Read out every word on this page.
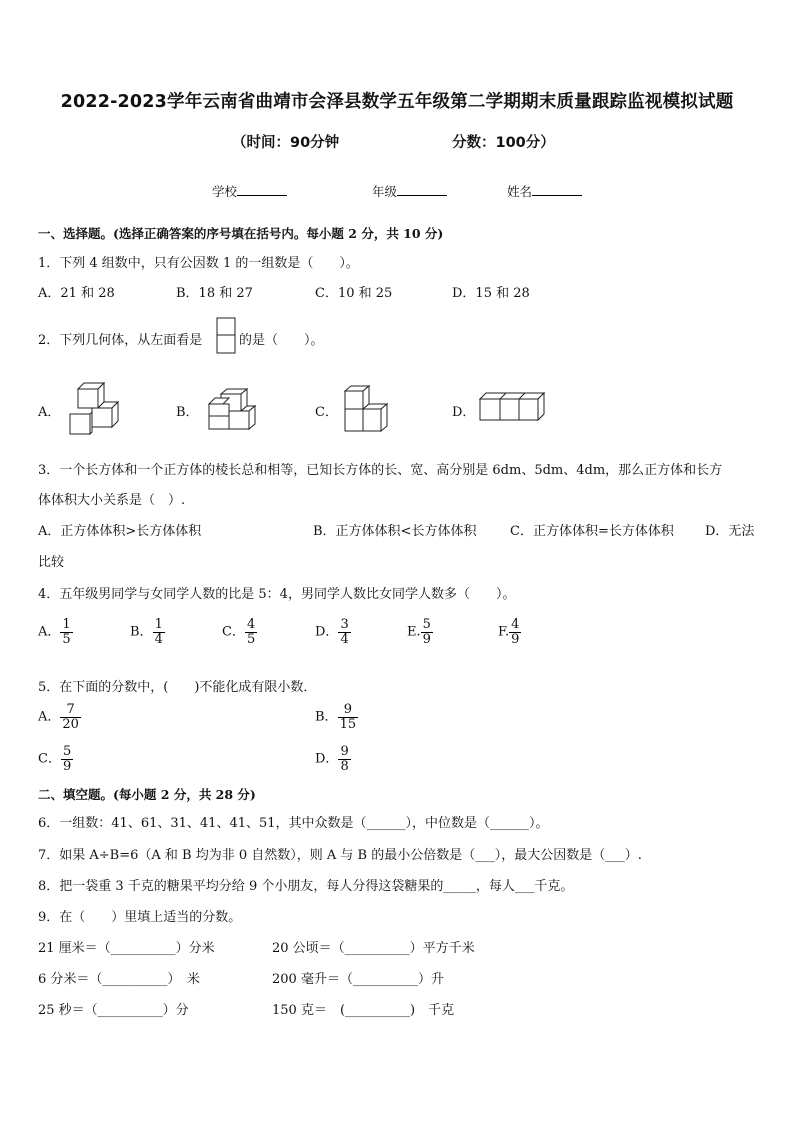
2022-2023学年云南省曲靖市会泽县数学五年级第二学期期末质量跟踪监视模拟试题
（时间：90分钟	分数：100分）
学校	年级	姓名
一、选择题。(选择正确答案的序号填在括号内。每小题 2 分，共 10 分)
1．下列 4 组数中，只有公因数 1 的一组数是（　　）。
A．21 和 28	B．18 和 27	C．10 和 25	D．15 和 28
2．下列几何体，从左面看是	的是（　　）。
A．	B．	C．	D．
3．一个长方体和一个正方体的棱长总和相等，已知长方体的长、宽、高分别是 6dm、5dm、4dm，那么正方体和长方
体体积大小关系是（　）.
A．正方体体积>长方体体积	B．正方体体积<长方体体积	C．正方体体积=长方体体积 D．无法
比较
4．五年级男同学与女同学人数的比是 5：4，男同学人数比女同学人数多（　　）。
A． $\frac{1}{5}$	B． $\frac{1}{4}$	C． $\frac{4}{5}$	D． $\frac{3}{4}$	E. $\frac{5}{9}$	F. $\frac{4}{9}$
5．在下面的分数中，(　　)不能化成有限小数．
A． $\frac{7}{20}$	B． $\frac{9}{15}$
C． $\frac{5}{9}$	D． $\frac{9}{8}$
二、填空题。(每小题 2 分，共 28 分)
6．一组数：41、61、31、41、41、51，其中众数是（______），中位数是（______）。
7．如果 A÷B=6（A 和 B 均为非 0 自然数），则 A 与 B 的最小公倍数是（___），最大公因数是（___）.
8．把一袋重 3 千克的糖果平均分给 9 个小朋友，每人分得这袋糖果的_____，每人___千克。
9．在（　　）里填上适当的分数。
21 厘米＝（__________）分米	20 公顷＝（__________）平方千米
6 分米＝（__________）　米	200 毫升＝（__________）升
25 秒＝（__________）分	150 克＝　(__________)　千克
